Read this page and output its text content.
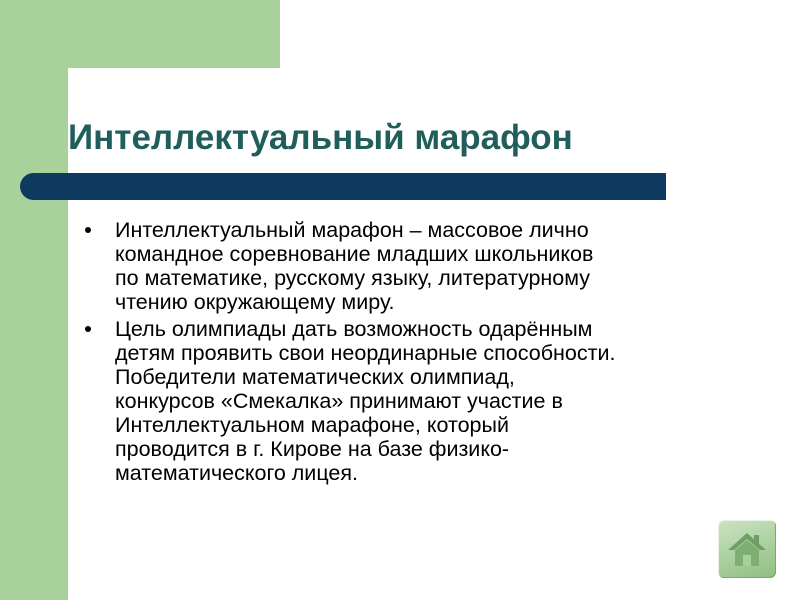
Интеллектуальный марафон
Интеллектуальный марафон – массовое лично
командное соревнование младших школьников
по математике, русскому языку, литературному
чтению окружающему миру.
Цель олимпиады дать возможность одарённым
детям проявить свои неординарные способности.
Победители математических олимпиад,
конкурсов «Смекалка» принимают участие в
Интеллектуальном марафоне, который
проводится в г. Кирове на базе физико-
математического лицея.
